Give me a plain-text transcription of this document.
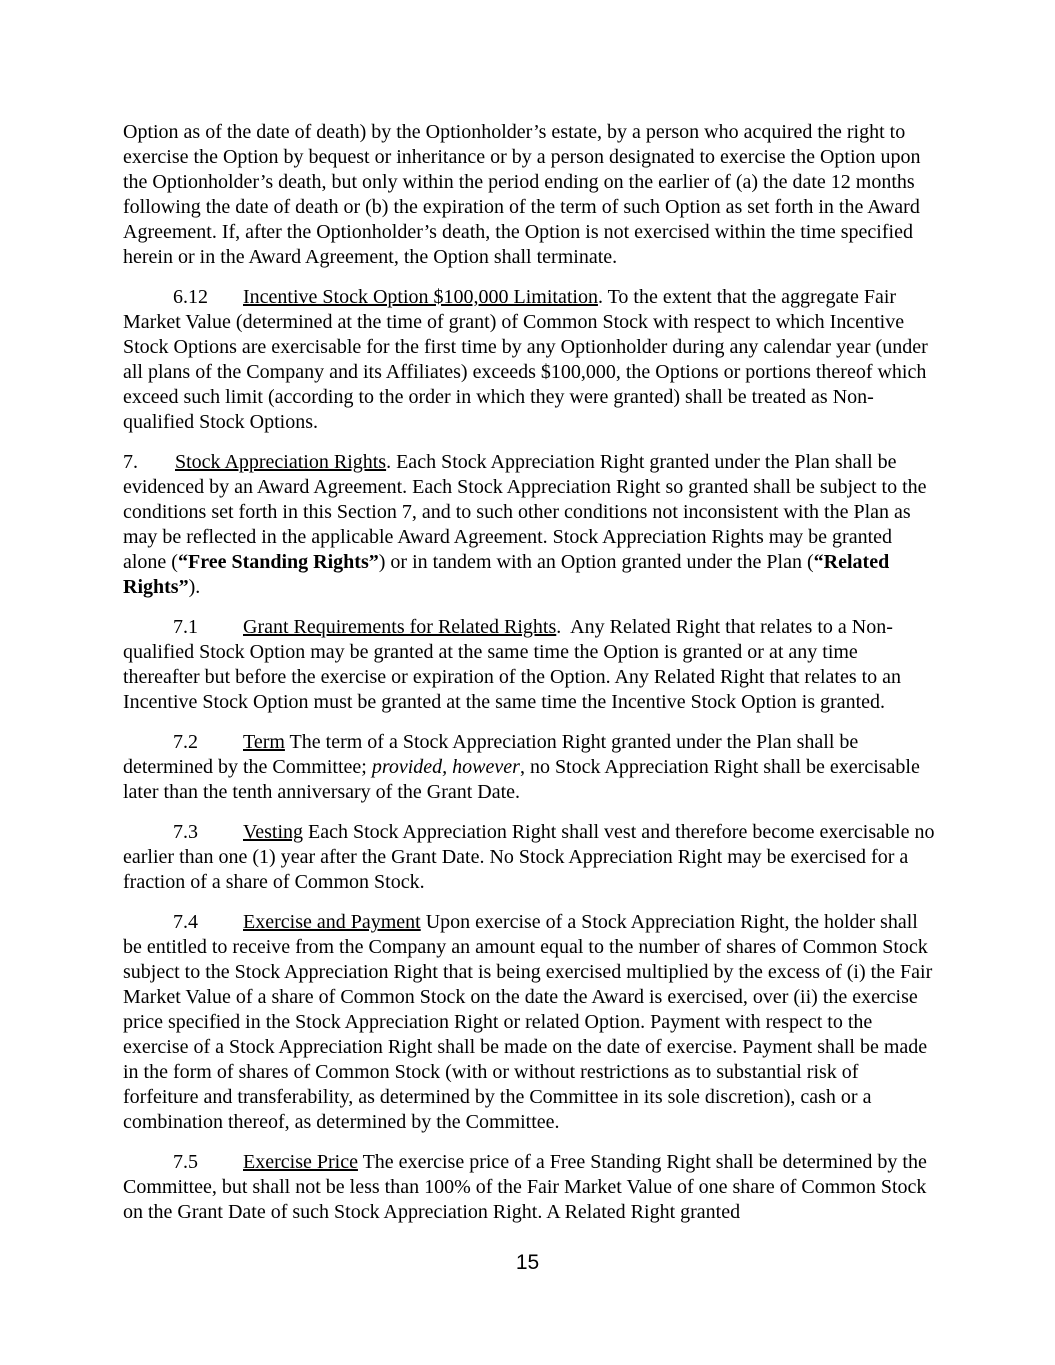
Option as of the date of death) by the Optionholder’s estate, by a person who acquired the right to exercise the Option by bequest or inheritance or by a person designated to exercise the Option upon the Optionholder’s death, but only within the period ending on the earlier of (a) the date 12 months following the date of death or (b) the expiration of the term of such Option as set forth in the Award Agreement. If, after the Optionholder’s death, the Option is not exercised within the time specified herein or in the Award Agreement, the Option shall terminate.

6.12 Incentive Stock Option $100,000 Limitation. To the extent that the aggregate Fair Market Value (determined at the time of grant) of Common Stock with respect to which Incentive Stock Options are exercisable for the first time by any Optionholder during any calendar year (under all plans of the Company and its Affiliates) exceeds $100,000, the Options or portions thereof which exceed such limit (according to the order in which they were granted) shall be treated as Non-qualified Stock Options.

7. Stock Appreciation Rights. Each Stock Appreciation Right granted under the Plan shall be evidenced by an Award Agreement. Each Stock Appreciation Right so granted shall be subject to the conditions set forth in this Section 7, and to such other conditions not inconsistent with the Plan as may be reflected in the applicable Award Agreement. Stock Appreciation Rights may be granted alone (“Free Standing Rights”) or in tandem with an Option granted under the Plan (“Related Rights”).

7.1 Grant Requirements for Related Rights.  Any Related Right that relates to a Non-qualified Stock Option may be granted at the same time the Option is granted or at any time thereafter but before the exercise or expiration of the Option. Any Related Right that relates to an Incentive Stock Option must be granted at the same time the Incentive Stock Option is granted.

7.2 Term The term of a Stock Appreciation Right granted under the Plan shall be determined by the Committee; provided, however, no Stock Appreciation Right shall be exercisable later than the tenth anniversary of the Grant Date.

7.3 Vesting Each Stock Appreciation Right shall vest and therefore become exercisable no earlier than one (1) year after the Grant Date. No Stock Appreciation Right may be exercised for a fraction of a share of Common Stock.

7.4 Exercise and Payment Upon exercise of a Stock Appreciation Right, the holder shall be entitled to receive from the Company an amount equal to the number of shares of Common Stock subject to the Stock Appreciation Right that is being exercised multiplied by the excess of (i) the Fair Market Value of a share of Common Stock on the date the Award is exercised, over (ii) the exercise price specified in the Stock Appreciation Right or related Option. Payment with respect to the exercise of a Stock Appreciation Right shall be made on the date of exercise. Payment shall be made in the form of shares of Common Stock (with or without restrictions as to substantial risk of forfeiture and transferability, as determined by the Committee in its sole discretion), cash or a combination thereof, as determined by the Committee.

7.5 Exercise Price The exercise price of a Free Standing Right shall be determined by the Committee, but shall not be less than 100% of the Fair Market Value of one share of Common Stock on the Grant Date of such Stock Appreciation Right. A Related Right granted

15
